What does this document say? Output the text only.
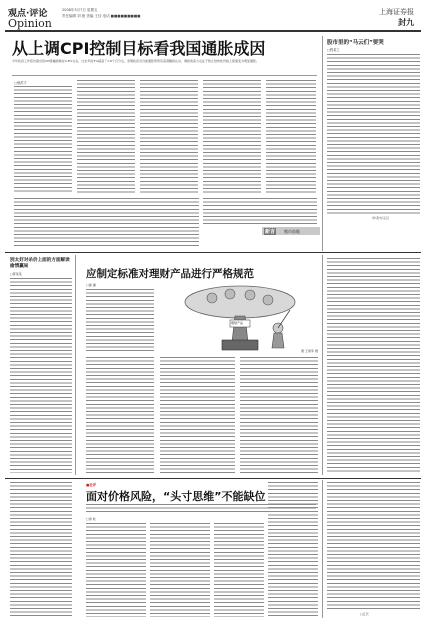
观点·评论
Opinion
2008年3月7日 星期五
责任编辑 刘 艳 美编 王佳 电话 ■■■■■■■■■	上海证券报
封九
从上调CPI控制目标看我国通胀成因
今年政府工作报告提出将CPI涨幅控制在4.8%左右，比去年的3%提高了1.8个百分点，表明政府对当前通胀形势有着清醒的认识，调控的着力点在于防止结构性价格上涨演变为明显通胀。
□徐洪才
股市里的“马云们”要哭
□程希之
（作者为马云）
新言 熊市前瞻
别太好对杀价上面的方面解读偷情赢局
□陈某某	应制定标准对理财产品进行严格规范
□晏 澜
理财产品
图 王建军 题
■社评
面对价格风险，“头寸思维”不能缺位
□徐 欧
□江长
